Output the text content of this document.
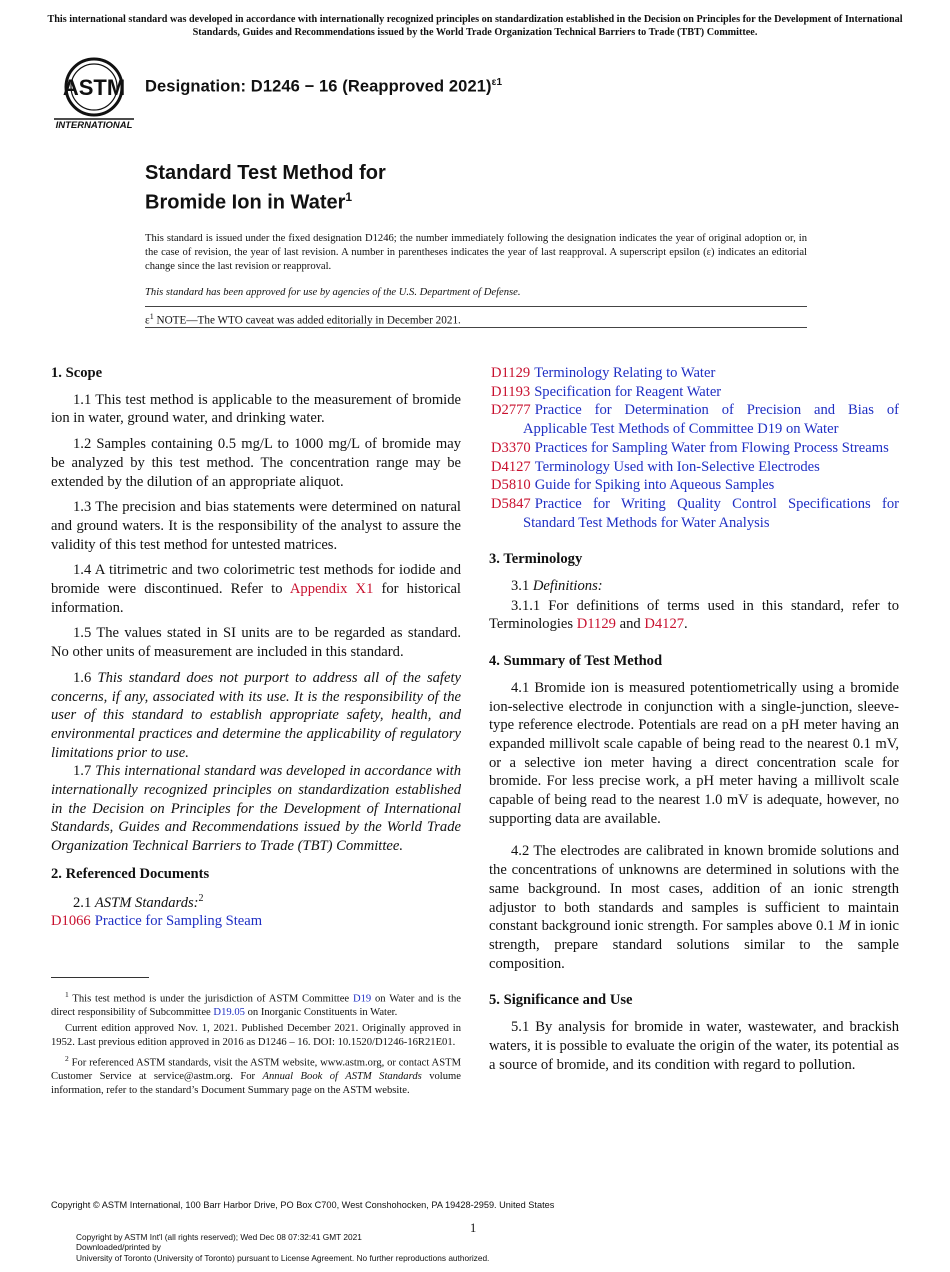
This international standard was developed in accordance with internationally recognized principles on standardization established in the Decision on Principles for the Development of International Standards, Guides and Recommendations issued by the World Trade Organization Technical Barriers to Trade (TBT) Committee.
ASTM
INTERNATIONAL
Designation: D1246 − 16 (Reapproved 2021)$^{\varepsilon 1}$
Standard Test Method for
Bromide Ion in Water$^1$
This standard is issued under the fixed designation D1246; the number immediately following the designation indicates the year of original adoption or, in the case of revision, the year of last revision. A number in parentheses indicates the year of last reapproval. A superscript epsilon (ε) indicates an editorial change since the last revision or reapproval.
This standard has been approved for use by agencies of the U.S. Department of Defense.
$\varepsilon^1$ NOTE—The WTO caveat was added editorially in December 2021.
1. Scope

1.1 This test method is applicable to the measurement of bromide ion in water, ground water, and drinking water.

1.2 Samples containing 0.5 mg/L to 1000 mg/L of bromide may be analyzed by this test method. The concentration range may be extended by the dilution of an appropriate aliquot.

1.3 The precision and bias statements were determined on natural and ground waters. It is the responsibility of the analyst to assure the validity of this test method for untested matrices.

1.4 A titrimetric and two colorimetric test methods for iodide and bromide were discontinued. Refer to Appendix X1 for historical information.

1.5 The values stated in SI units are to be regarded as standard. No other units of measurement are included in this standard.

1.6 This standard does not purport to address all of the safety concerns, if any, associated with its use. It is the responsibility of the user of this standard to establish appropriate safety, health, and environmental practices and determine the applicability of regulatory limitations prior to use.

1.7 This international standard was developed in accordance with internationally recognized principles on standardization established in the Decision on Principles for the Development of International Standards, Guides and Recommendations issued by the World Trade Organization Technical Barriers to Trade (TBT) Committee.

2. Referenced Documents

2.1 ASTM Standards:$^2$

D1066 Practice for Sampling Steam

$^1$ This test method is under the jurisdiction of ASTM Committee D19 on Water and is the direct responsibility of Subcommittee D19.05 on Inorganic Constituents in Water.

Current edition approved Nov. 1, 2021. Published December 2021. Originally approved in 1952. Last previous edition approved in 2016 as D1246 – 16. DOI: 10.1520/D1246-16R21E01.

$^2$ For referenced ASTM standards, visit the ASTM website, www.astm.org, or contact ASTM Customer Service at service@astm.org. For Annual Book of ASTM Standards volume information, refer to the standard’s Document Summary page on the ASTM website.

D1129 Terminology Relating to Water
D1193 Specification for Reagent Water
D2777 Practice for Determination of Precision and Bias of Applicable Test Methods of Committee D19 on Water
D3370 Practices for Sampling Water from Flowing Process Streams
D4127 Terminology Used with Ion-Selective Electrodes
D5810 Guide for Spiking into Aqueous Samples
D5847 Practice for Writing Quality Control Specifications for Standard Test Methods for Water Analysis
3. Terminology

3.1 Definitions:

3.1.1 For definitions of terms used in this standard, refer to Terminologies D1129 and D4127.

4. Summary of Test Method

4.1 Bromide ion is measured potentiometrically using a bromide ion-selective electrode in conjunction with a single-junction, sleeve-type reference electrode. Potentials are read on a pH meter having an expanded millivolt scale capable of being read to the nearest 0.1 mV, or a selective ion meter having a direct concentration scale for bromide. For less precise work, a pH meter having a millivolt scale capable of being read to the nearest 1.0 mV is adequate, however, no supporting data are available.

4.2 The electrodes are calibrated in known bromide solutions and the concentrations of unknowns are determined in solutions with the same background. In most cases, addition of an ionic strength adjustor to both standards and samples is sufficient to maintain constant background ionic strength. For samples above 0.1 M in ionic strength, prepare standard solutions similar to the sample composition.

5. Significance and Use

5.1 By analysis for bromide in water, wastewater, and brackish waters, it is possible to evaluate the origin of the water, its potential as a source of bromide, and its condition with regard to pollution.

Copyright © ASTM International, 100 Barr Harbor Drive, PO Box C700, West Conshohocken, PA 19428-2959. United States
1
Copyright by ASTM Int'l (all rights reserved); Wed Dec 08 07:32:41 GMT 2021
Downloaded/printed by
University of Toronto (University of Toronto) pursuant to License Agreement. No further reproductions authorized.
